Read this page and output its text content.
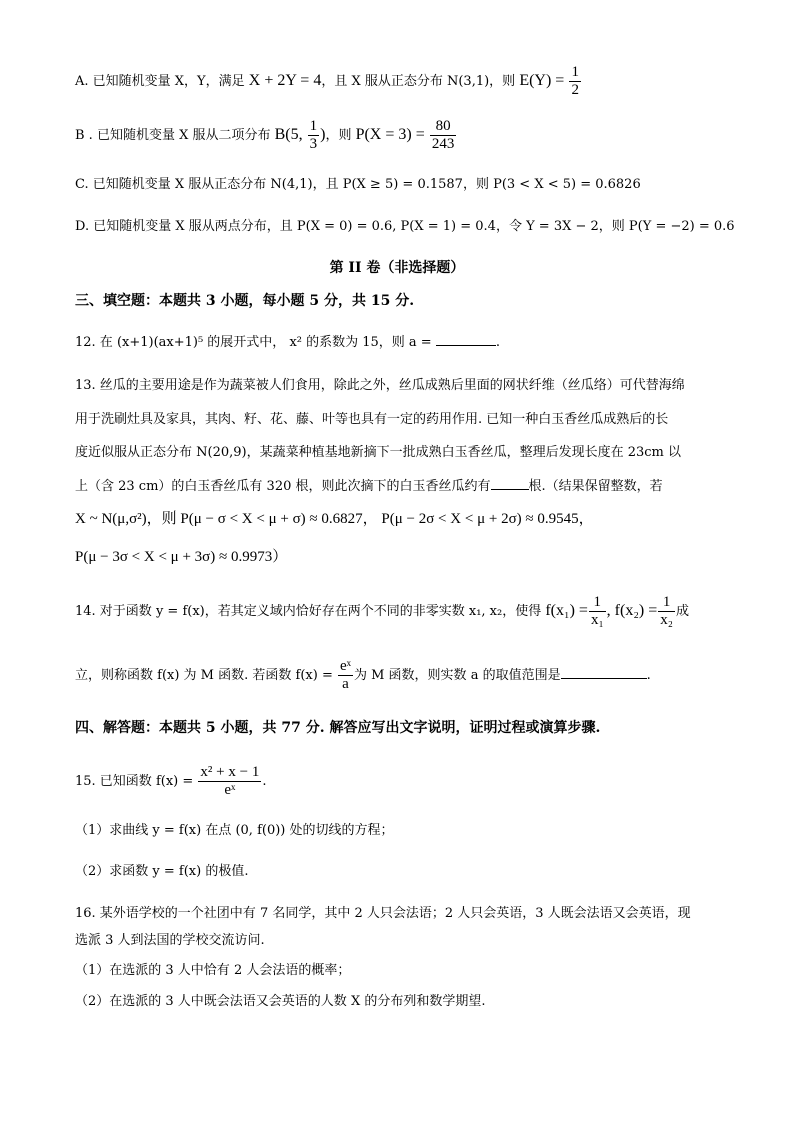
A. 已知随机变量 X，Y，满足 X + 2Y = 4，且 X 服从正态分布 N(3,1)，则 $E(Y) = \frac{1}{2}$
B . 已知随机变量 X 服从二项分布 B(5, $\frac{1}{3}$ )，则 $P(X = 3) = \frac{80}{243}$
C. 已知随机变量 X 服从正态分布 N(4,1)，且 P(X ≥ 5) = 0.1587，则 P(3 < X < 5) = 0.6826
D. 已知随机变量 X 服从两点分布，且 P(X = 0) = 0.6, P(X = 1) = 0.4，令 Y = 3X − 2，则 P(Y = −2) = 0.6
第 II 卷（非选择题）
三、填空题：本题共 3 小题，每小题 5 分，共 15 分.
12. 在 (x+1)(ax+1)⁵ 的展开式中， x² 的系数为 15，则 a =	.
13. 丝瓜的主要用途是作为蔬菜被人们食用，除此之外，丝瓜成熟后里面的网状纤维（丝瓜络）可代替海绵
用于洗刷灶具及家具，其肉、籽、花、藤、叶等也具有一定的药用作用. 已知一种白玉香丝瓜成熟后的长
度近似服从正态分布 N(20,9)，某蔬菜种植基地新摘下一批成熟白玉香丝瓜，整理后发现长度在 23cm 以
上（含 23 cm）的白玉香丝瓜有 320 根，则此次摘下的白玉香丝瓜约有	根.（结果保留整数，若
X ~ N(μ,σ²)，则 P(μ − σ < X < μ + σ) ≈ 0.6827， P(μ − 2σ < X < μ + 2σ) ≈ 0.9545，
P(μ − 3σ < X < μ + 3σ) ≈ 0.9973）
14. 对于函数 y = f(x)，若其定义域内恰好存在两个不同的非零实数 x₁, x₂，使得 $f(x_1) = \frac{1}{\text{x₁}}$ , $f(x_2) = \frac{1}{\text{x₂}}$ 成
立，则称函数 f(x) 为 M 函数. 若函数 $f(x) = \frac{\text{eˣ}}{a}$ 为 M 函数，则实数 a 的取值范围是	.
四、解答题：本题共 5 小题，共 77 分. 解答应写出文字说明，证明过程或演算步骤.
15. 已知函数 $f(x) = \frac{\text{x² + x − 1}}{\text{eˣ}}$ .
（1）求曲线 y = f(x) 在点 (0, f(0)) 处的切线的方程；
（2）求函数 y = f(x) 的极值.
16. 某外语学校的一个社团中有 7 名同学，其中 2 人只会法语；2 人只会英语，3 人既会法语又会英语，现
选派 3 人到法国的学校交流访问.
（1）在选派的 3 人中恰有 2 人会法语的概率；
（2）在选派的 3 人中既会法语又会英语的人数 X 的分布列和数学期望.
